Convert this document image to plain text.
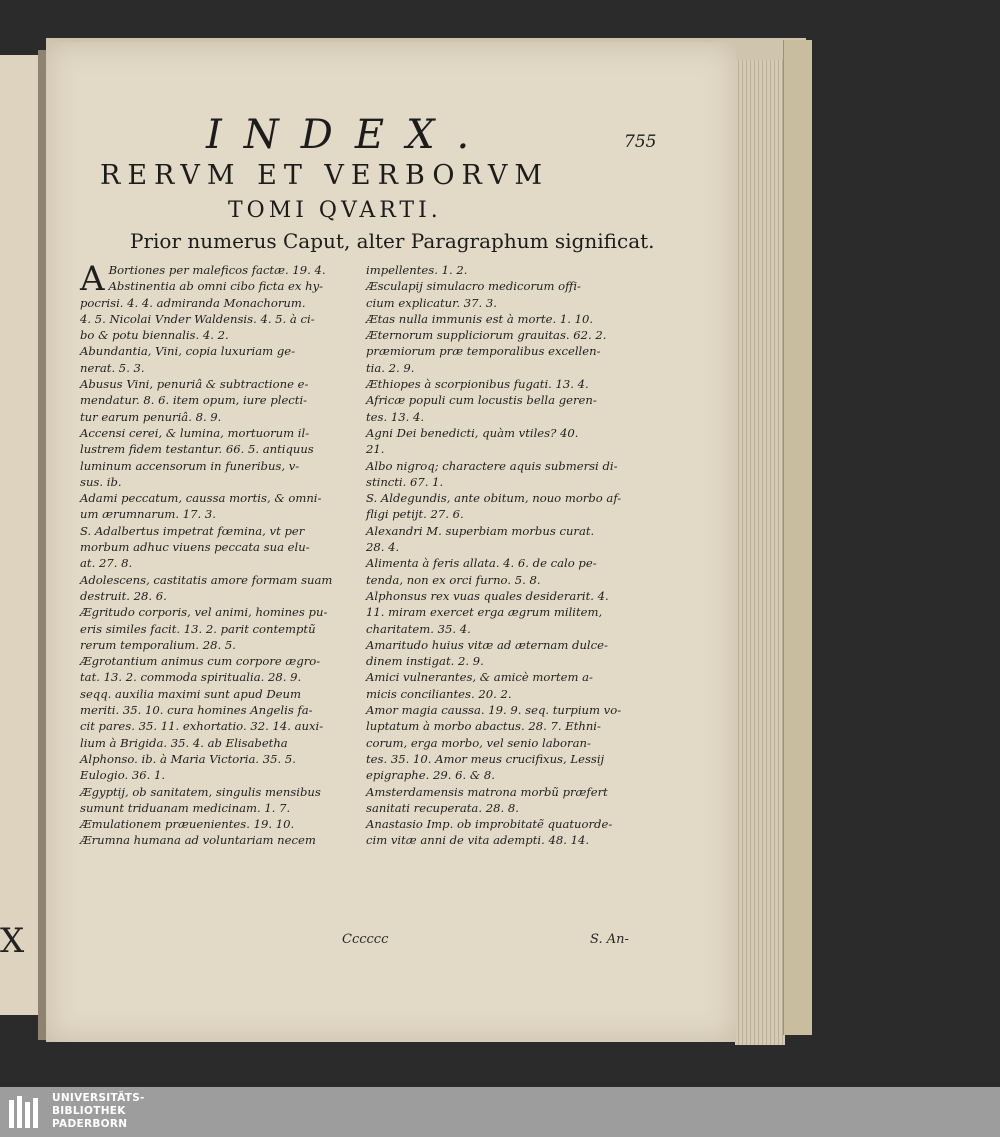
X
INDEX.	755
RERVM ET VERBORVM
TOMI QVARTI.
Prior numerus Caput, alter Paragraphum significat.
A Bortiones per maleficos factæ. 19. 4.
Abstinentia ab omni cibo ficta ex hy-
pocrisi. 4. 4. admiranda Monachorum.
4. 5. Nicolai Vnder Waldensis. 4. 5. à ci-
bo & potu biennalis. 4. 2.
Abundantia, Vini, copia luxuriam ge-
nerat. 5. 3.
Abusus Vini, penuriâ & subtractione e-
mendatur. 8. 6. item opum, iure plecti-
tur earum penuriâ. 8. 9.
Accensi cerei, & lumina, mortuorum il-
lustrem fidem testantur. 66. 5. antiquus
luminum accensorum in funeribus, v-
sus. ib.
Adami peccatum, caussa mortis, & omni-
um ærumnarum. 17. 3.
S. Adalbertus impetrat fœmina, vt per
morbum adhuc viuens peccata sua elu-
at. 27. 8.
Adolescens, castitatis amore formam suam
destruit. 28. 6.
Ægritudo corporis, vel animi, homines pu-
eris similes facit. 13. 2. parit contemptũ
rerum temporalium. 28. 5.
Ægrotantium animus cum corpore ægro-
tat. 13. 2. commoda spiritualia. 28. 9.
seqq. auxilia maximi sunt apud Deum
meriti. 35. 10. cura homines Angelis fa-
cit pares. 35. 11. exhortatio. 32. 14. auxi-
lium à Brigida. 35. 4. ab Elisabetha
Alphonso. ib. à Maria Victoria. 35. 5.
Eulogio. 36. 1.
Ægyptij, ob sanitatem, singulis mensibus
sumunt triduanam medicinam. 1. 7.
Æmulationem præuenientes. 19. 10.
Ærumna humana ad voluntariam necem
impellentes. 1. 2.
Æsculapij simulacro medicorum offi-
cium explicatur. 37. 3.
Ætas nulla immunis est à morte. 1. 10.
Æternorum suppliciorum grauitas. 62. 2.
præmiorum præ temporalibus excellen-
tia. 2. 9.
Æthiopes à scorpionibus fugati. 13. 4.
Africæ populi cum locustis bella geren-
tes. 13. 4.
Agni Dei benedicti, quàm vtiles? 40.
21.
Albo nigroq; charactere aquis submersi di-
stincti. 67. 1.
S. Aldegundis, ante obitum, nouo morbo af-
fligi petijt. 27. 6.
Alexandri M. superbiam morbus curat.
28. 4.
Alimenta à feris allata. 4. 6. de calo pe-
tenda, non ex orci furno. 5. 8.
Alphonsus rex vuas quales desiderarit. 4.
11. miram exercet erga ægrum militem,
charitatem. 35. 4.
Amaritudo huius vitæ ad æternam dulce-
dinem instigat. 2. 9.
Amici vulnerantes, & amicè mortem a-
micis conciliantes. 20. 2.
Amor magia caussa. 19. 9. seq. turpium vo-
luptatum à morbo abactus. 28. 7. Ethni-
corum, erga morbo, vel senio laboran-
tes. 35. 10. Amor meus crucifixus, Lessij
epigraphe. 29. 6. & 8.
Amsterdamensis matrona morbũ præfert
sanitati recuperata. 28. 8.
Anastasio Imp. ob improbitatẽ quatuorde-
cim vitæ anni de vita adempti. 48. 14.
Cccccc	S. An-
UNIVERSITÄTS-
BIBLIOTHEK
PADERBORN
